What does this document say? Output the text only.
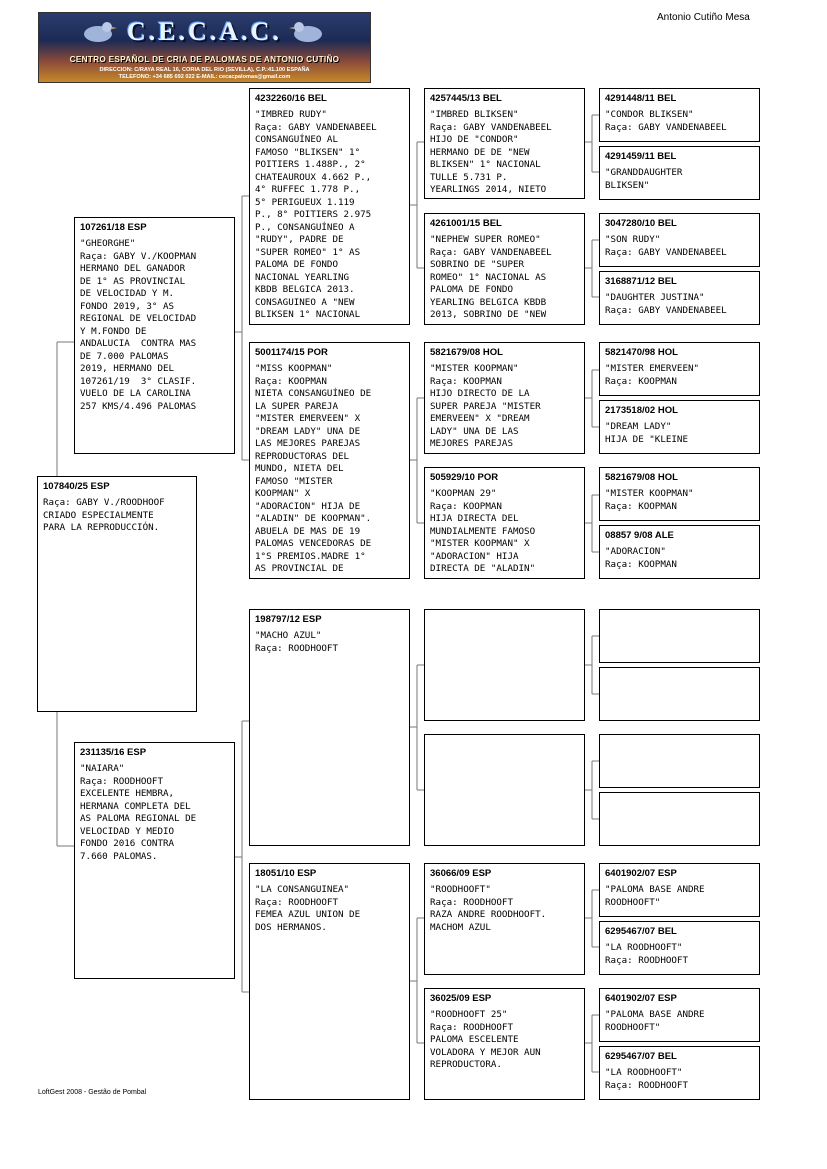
C.E.C.A.C.
CENTRO ESPAÑOL DE CRIA DE PALOMAS DE ANTONIO CUTIÑO
DIRECCION: C/RAYA REAL 16, CORIA DEL RIO (SEVILLA), C.P.:41.100 ESPAÑA
TELEFONO: +34 685 692 022 E-MAIL: cecacpalomas@gmail.com
Antonio Cutiño Mesa
107840/25 ESP
Raça: GABY V./ROODHOOF
CRIADO ESPECIALMENTE
PARA LA REPRODUCCIÓN.
107261/18 ESP
"GHEORGHE"
Raça: GABY V./KOOPMAN
HERMANO DEL GANADOR
DE 1° AS PROVINCIAL
DE VELOCIDAD Y M.
FONDO 2019, 3° AS
REGIONAL DE VELOCIDAD
Y M.FONDO DE
ANDALUCIA  CONTRA MAS
DE 7.000 PALOMAS
2019, HERMANO DEL
107261/19  3° CLASIF.
VUELO DE LA CAROLINA
257 KMS/4.496 PALOMAS
231135/16 ESP
"NAIARA"
Raça: ROODHOOFT
EXCELENTE HEMBRA,
HERMANA COMPLETA DEL
AS PALOMA REGIONAL DE
VELOCIDAD Y MEDIO
FONDO 2016 CONTRA
7.660 PALOMAS.
4232260/16 BEL
"IMBRED RUDY"
Raça: GABY VANDENABEEL
CONSANGUÍNEO AL
FAMOSO "BLIKSEN" 1°
POITIERS 1.488P., 2°
CHATEAUROUX 4.662 P.,
4° RUFFEC 1.778 P.,
5° PERIGUEUX 1.119
P., 8° POITIERS 2.975
P., CONSANGUÍNEO A
"RUDY", PADRE DE
"SUPER ROMEO" 1° AS
PALOMA DE FONDO
NACIONAL YEARLING
KBDB BELGICA 2013.
CONSAGUINEO A "NEW
BLIKSEN 1° NACIONAL
5001174/15 POR
"MISS KOOPMAN"
Raça: KOOPMAN
NIETA CONSANGUÍNEO DE
LA SUPER PAREJA
"MISTER EMERVEEN" X
"DREAM LADY" UNA DE
LAS MEJORES PAREJAS
REPRODUCTORAS DEL
MUNDO, NIETA DEL
FAMOSO "MISTER
KOOPMAN" X
"ADORACION" HIJA DE
"ALADIN" DE KOOPMAN".
ABUELA DE MAS DE 19
PALOMAS VENCEDORAS DE
1°S PREMIOS.MADRE 1°
AS PROVINCIAL DE
198797/12 ESP
"MACHO AZUL"
Raça: ROODHOOFT
18051/10 ESP
"LA CONSANGUINEA"
Raça: ROODHOOFT
FEMEA AZUL UNION DE
DOS HERMANOS.
4257445/13 BEL
"IMBRED BLIKSEN"
Raça: GABY VANDENABEEL
HIJO DE "CONDOR"
HERMANO DE DE "NEW
BLIKSEN" 1° NACIONAL
TULLE 5.731 P.
YEARLINGS 2014, NIETO
4261001/15 BEL
"NEPHEW SUPER ROMEO"
Raça: GABY VANDENABEEL
SOBRINO DE "SUPER
ROMEO" 1° NACIONAL AS
PALOMA DE FONDO
YEARLING BELGICA KBDB
2013, SOBRINO DE "NEW
5821679/08 HOL
"MISTER KOOPMAN"
Raça: KOOPMAN
HIJO DIRECTO DE LA
SUPER PAREJA "MISTER
EMERVEEN" X "DREAM
LADY" UNA DE LAS
MEJORES PAREJAS
505929/10 POR
"KOOPMAN 29"
Raça: KOOPMAN
HIJA DIRECTA DEL
MUNDIALMENTE FAMOSO
"MISTER KOOPMAN" X
"ADORACION" HIJA
DIRECTA DE "ALADIN"
36066/09 ESP
"ROODHOOFT"
Raça: ROODHOOFT
RAZA ANDRE ROODHOOFT.
MACHOM AZUL
36025/09 ESP
"ROODHOOFT 25"
Raça: ROODHOOFT
PALOMA ESCELENTE
VOLADORA Y MEJOR AUN
REPRODUCTORA.
4291448/11 BEL
"CONDOR BLIKSEN"
Raça: GABY VANDENABEEL
4291459/11 BEL
"GRANDDAUGHTER
BLIKSEN"
3047280/10 BEL
"SON RUDY"
Raça: GABY VANDENABEEL
3168871/12 BEL
"DAUGHTER JUSTINA"
Raça: GABY VANDENABEEL
5821470/98 HOL
"MISTER EMERVEEN"
Raça: KOOPMAN
2173518/02 HOL
"DREAM LADY"
HIJA DE "KLEINE
5821679/08 HOL
"MISTER KOOPMAN"
Raça: KOOPMAN
08857 9/08 ALE
"ADORACION"
Raça: KOOPMAN
6401902/07 ESP
"PALOMA BASE ANDRE
ROODHOOFT"
6295467/07 BEL
"LA ROODHOOFT"
Raça: ROODHOOFT
6401902/07 ESP
"PALOMA BASE ANDRE
ROODHOOFT"
6295467/07 BEL
"LA ROODHOOFT"
Raça: ROODHOOFT
LoftGest 2008 - Gestão de Pombal
